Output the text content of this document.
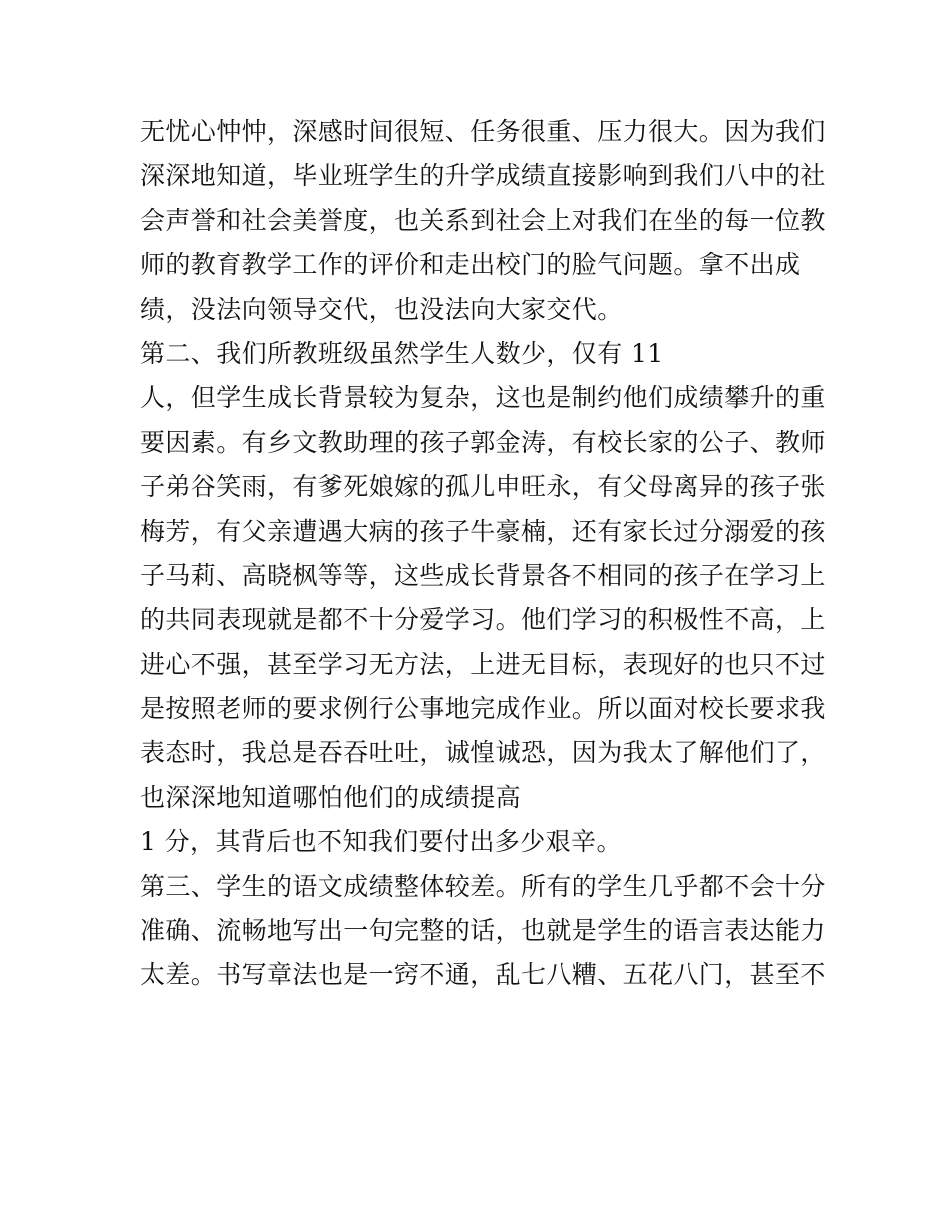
无忧心忡忡，深感时间很短、任务很重、压力很大。因为我们
深深地知道，毕业班学生的升学成绩直接影响到我们八中的社
会声誉和社会美誉度，也关系到社会上对我们在坐的每一位教
师的教育教学工作的评价和走出校门的脸气问题。拿不出成
绩，没法向领导交代，也没法向大家交代。
第二、我们所教班级虽然学生人数少，仅有 11
人，但学生成长背景较为复杂，这也是制约他们成绩攀升的重
要因素。有乡文教助理的孩子郭金涛，有校长家的公子、教师
子弟谷笑雨，有爹死娘嫁的孤儿申旺永，有父母离异的孩子张
梅芳，有父亲遭遇大病的孩子牛豪楠，还有家长过分溺爱的孩
子马莉、高晓枫等等，这些成长背景各不相同的孩子在学习上
的共同表现就是都不十分爱学习。他们学习的积极性不高，上
进心不强，甚至学习无方法，上进无目标，表现好的也只不过
是按照老师的要求例行公事地完成作业。所以面对校长要求我
表态时，我总是吞吞吐吐，诚惶诚恐，因为我太了解他们了，
也深深地知道哪怕他们的成绩提高
1 分，其背后也不知我们要付出多少艰辛。
第三、学生的语文成绩整体较差。所有的学生几乎都不会十分
准确、流畅地写出一句完整的话，也就是学生的语言表达能力
太差。书写章法也是一窍不通，乱七八糟、五花八门，甚至不
